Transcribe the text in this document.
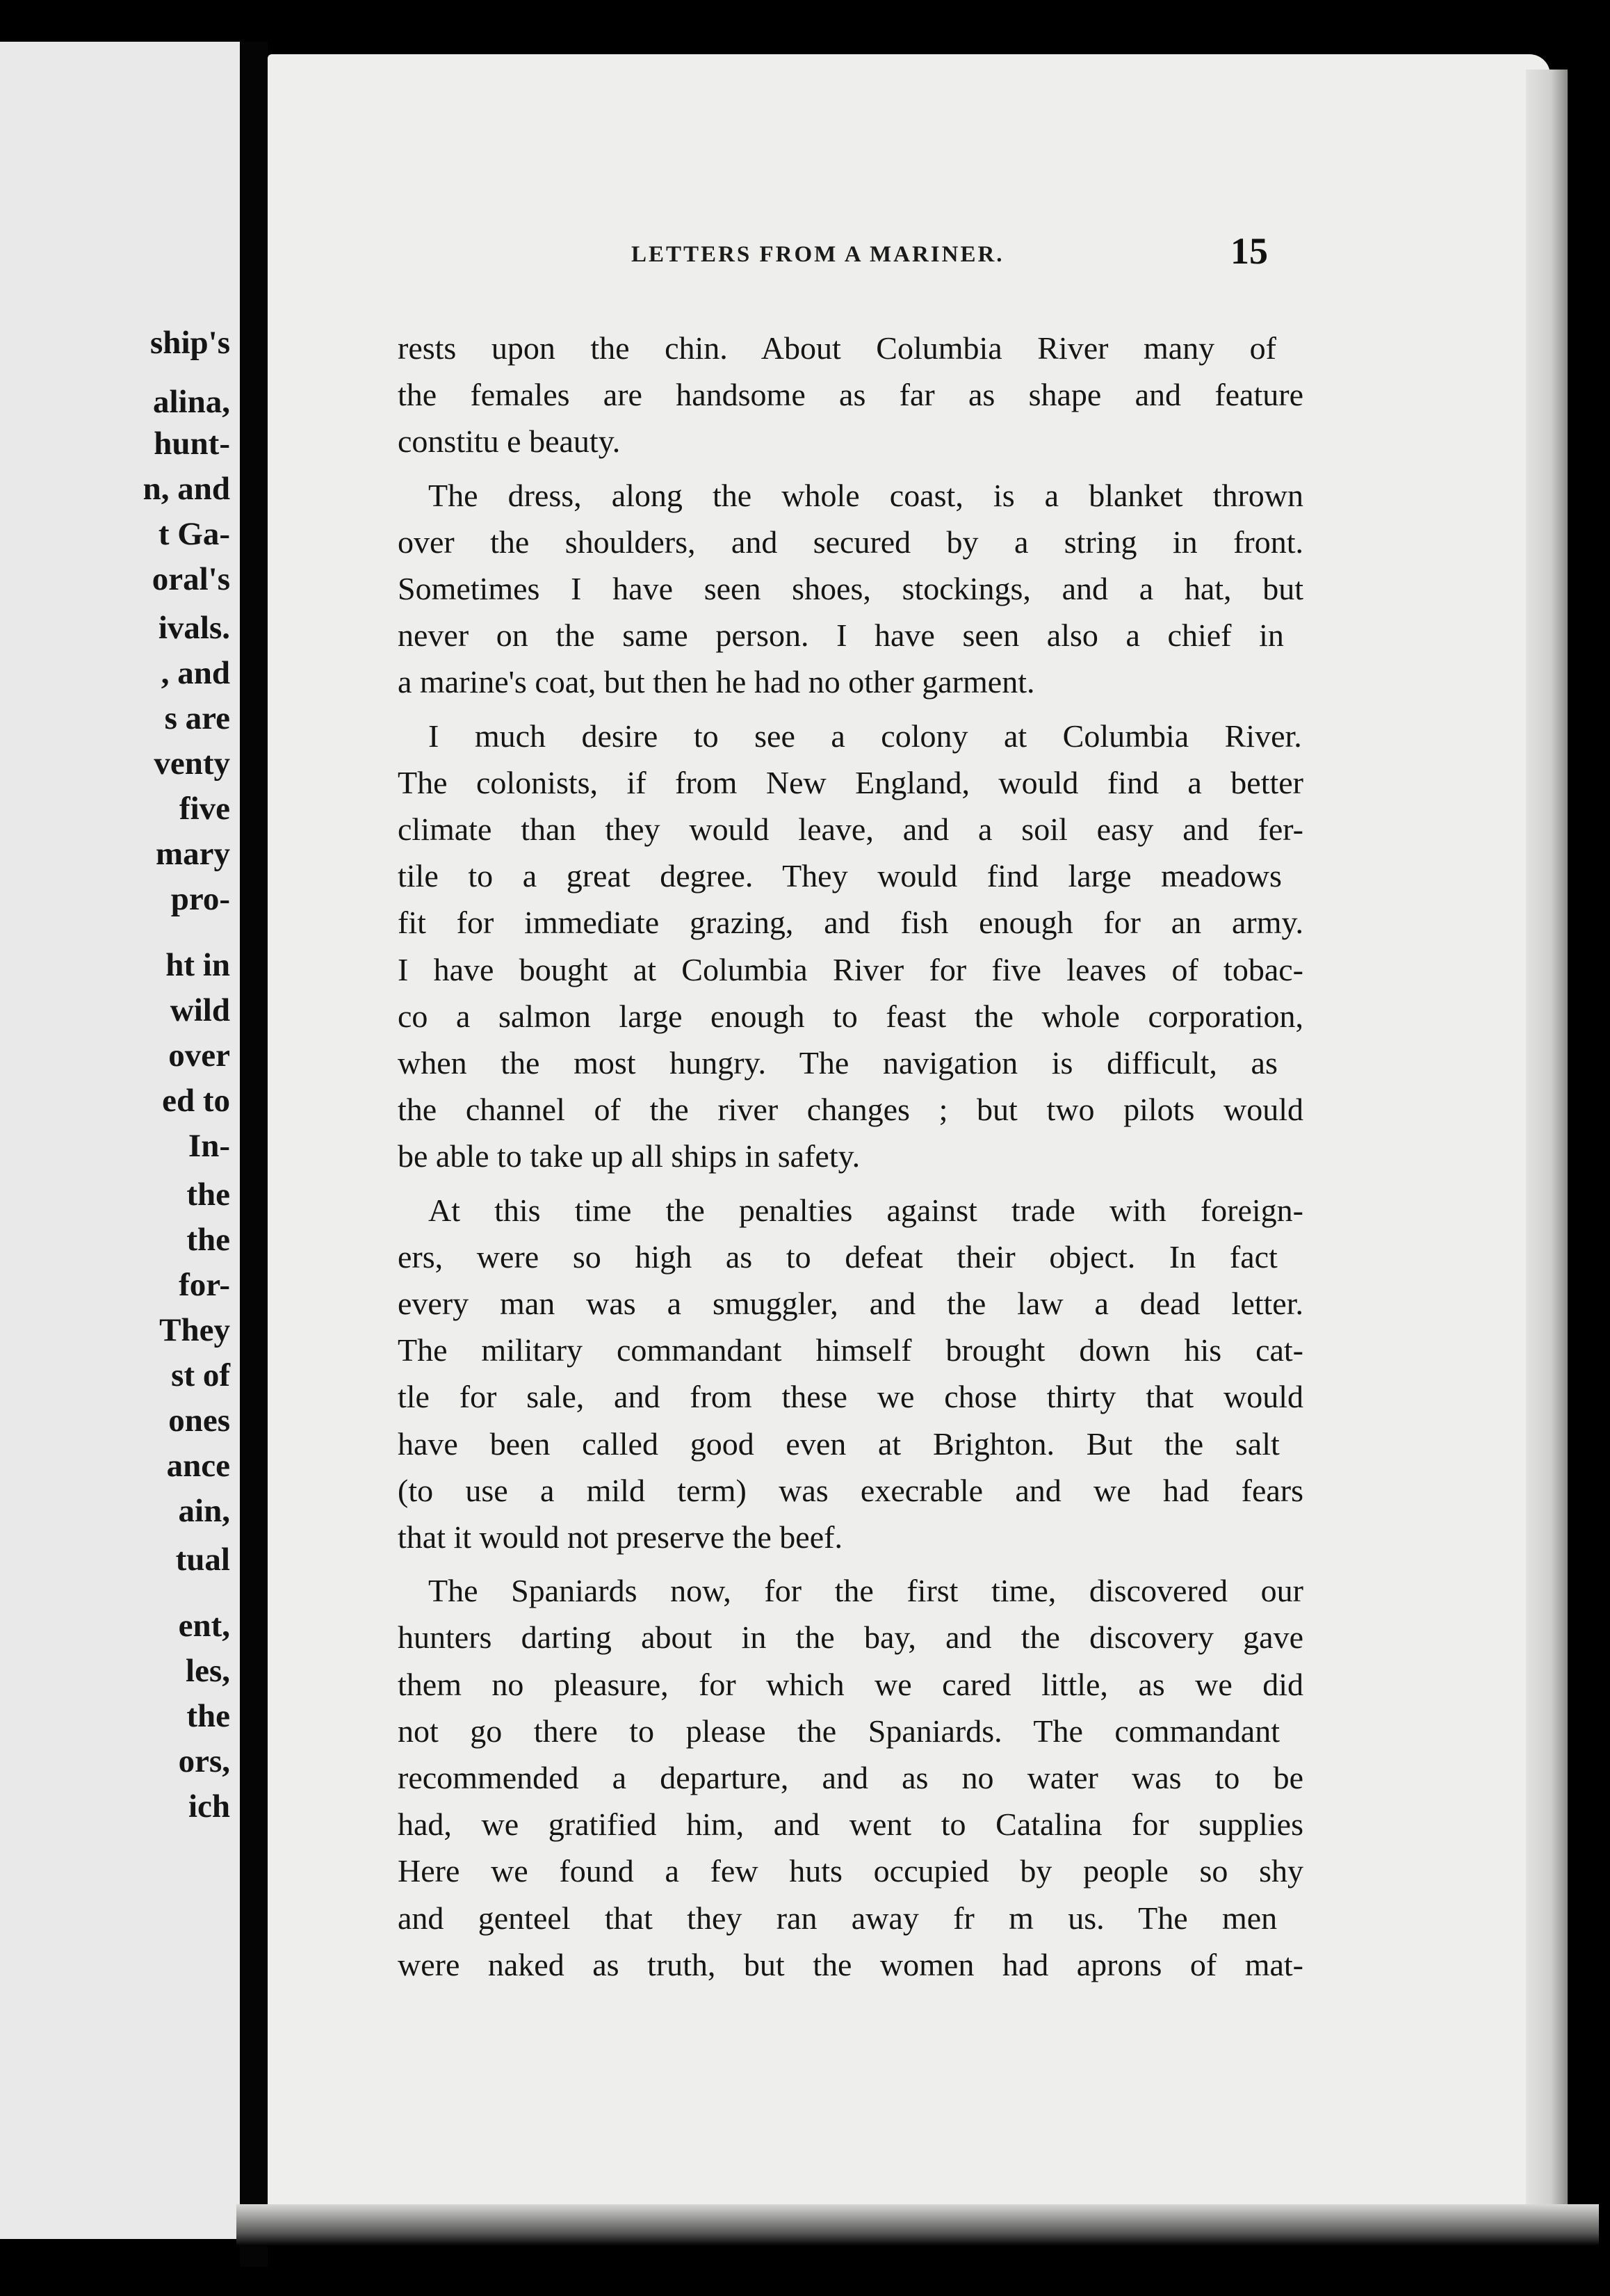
ship's
alina,
hunt-
n, and
t Ga-
oral's
ivals.
, and
s are
venty
five
mary
pro-
ht in
wild
over
ed to
In-
the
the
for-
They
st of
ones
ance
ain,
tual
ent,
les,
the
ors,
ich
LETTERS FROM A MARINER.	15
rests upon the chin. About Columbia River many of
the females are handsome as far as shape and feature
constitu e beauty.
The dress, along the whole coast, is a blanket thrown
over the shoulders, and secured by a string in front.
Sometimes I have seen shoes, stockings, and a hat, but
never on the same person. I have seen also a chief in
a marine's coat, but then he had no other garment.
I much desire to see a colony at Columbia River.
The colonists, if from New England, would find a better
climate than they would leave, and a soil easy and fer-
tile to a great degree. They would find large meadows
fit for immediate grazing, and fish enough for an army.
I have bought at Columbia River for five leaves of tobac-
co a salmon large enough to feast the whole corporation,
when the most hungry. The navigation is difficult, as
the channel of the river changes ; but two pilots would
be able to take up all ships in safety.
At this time the penalties against trade with foreign-
ers, were so high as to defeat their object. In fact
every man was a smuggler, and the law a dead letter.
The military commandant himself brought down his cat-
tle for sale, and from these we chose thirty that would
have been called good even at Brighton. But the salt
(to use a mild term) was execrable and we had fears
that it would not preserve the beef.
The Spaniards now, for the first time, discovered our
hunters darting about in the bay, and the discovery gave
them no pleasure, for which we cared little, as we did
not go there to please the Spaniards. The commandant
recommended a departure, and as no water was to be
had, we gratified him, and went to Catalina for supplies
Here we found a few huts occupied by people so shy
and genteel that they ran away fr m us. The men
were naked as truth, but the women had aprons of mat-
